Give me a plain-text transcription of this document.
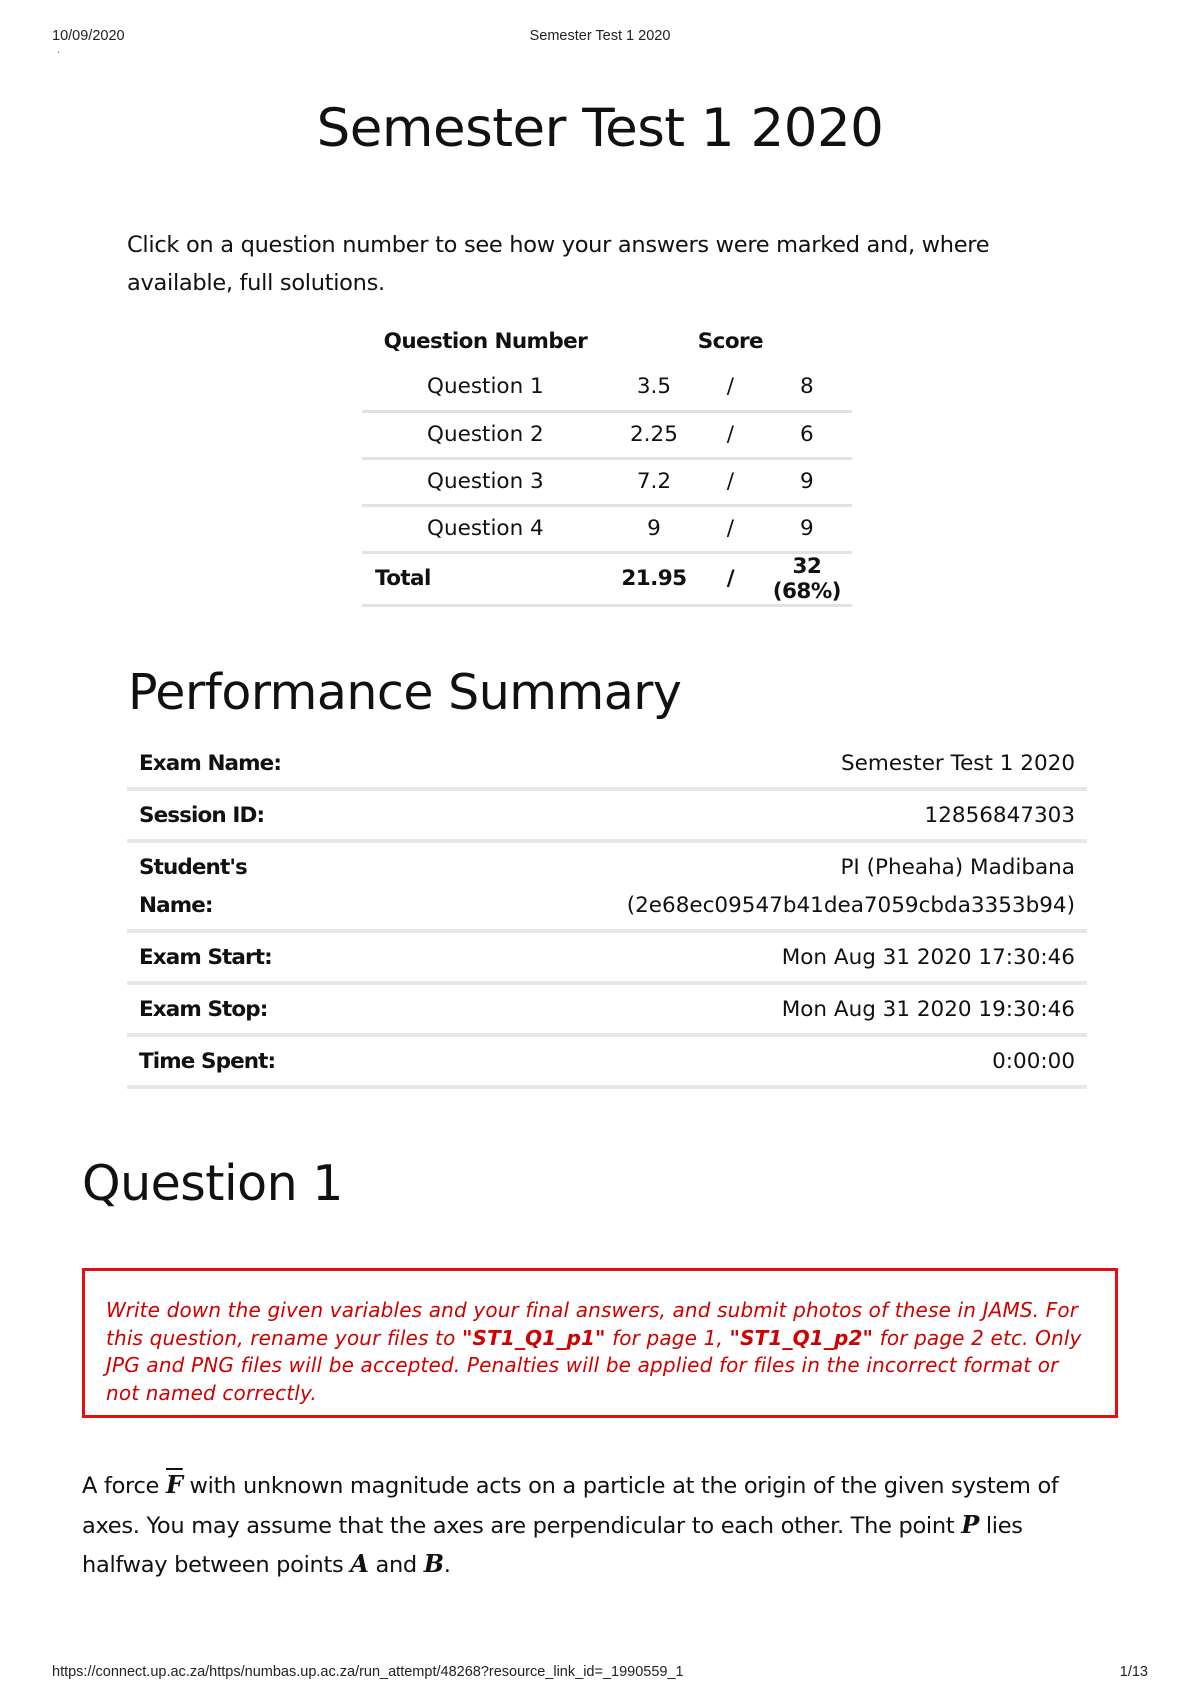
10/09/2020	Semester Test 1 2020
·
Semester Test 1 2020

Click on a question number to see how your answers were marked and, where available, full solutions.

Question Number	Score		
Question 1	3.5	/	8
Question 2	2.25	/	6
Question 3	7.2	/	9
Question 4	9	/	9
Total	21.95	/	32 (68%)
Performance Summary
Exam Name:	Semester Test 1 2020
Session ID:	12856847303
Student's
Name:	PI (Pheaha) Madibana
(2e68ec09547b41dea7059cbda3353b94)
Exam Start:	Mon Aug 31 2020 17:30:46
Exam Stop:	Mon Aug 31 2020 19:30:46
Time Spent:	0:00:00
Question 1
Write down the given variables and your final answers, and submit photos of these in JAMS. For this question, rename your files to "ST1_Q1_p1" for page 1, "ST1_Q1_p2" for page 2 etc. Only JPG and PNG files will be accepted. Penalties will be applied for files in the incorrect format or not named correctly.

A force $\overline{F}$ with unknown magnitude acts on a particle at the origin of the given system of axes. You may assume that the axes are perpendicular to each other. The point P lies halfway between points A and B.

https://connect.up.ac.za/https/numbas.up.ac.za/run_attempt/48268?resource_link_id=_1990559_1	1/13
